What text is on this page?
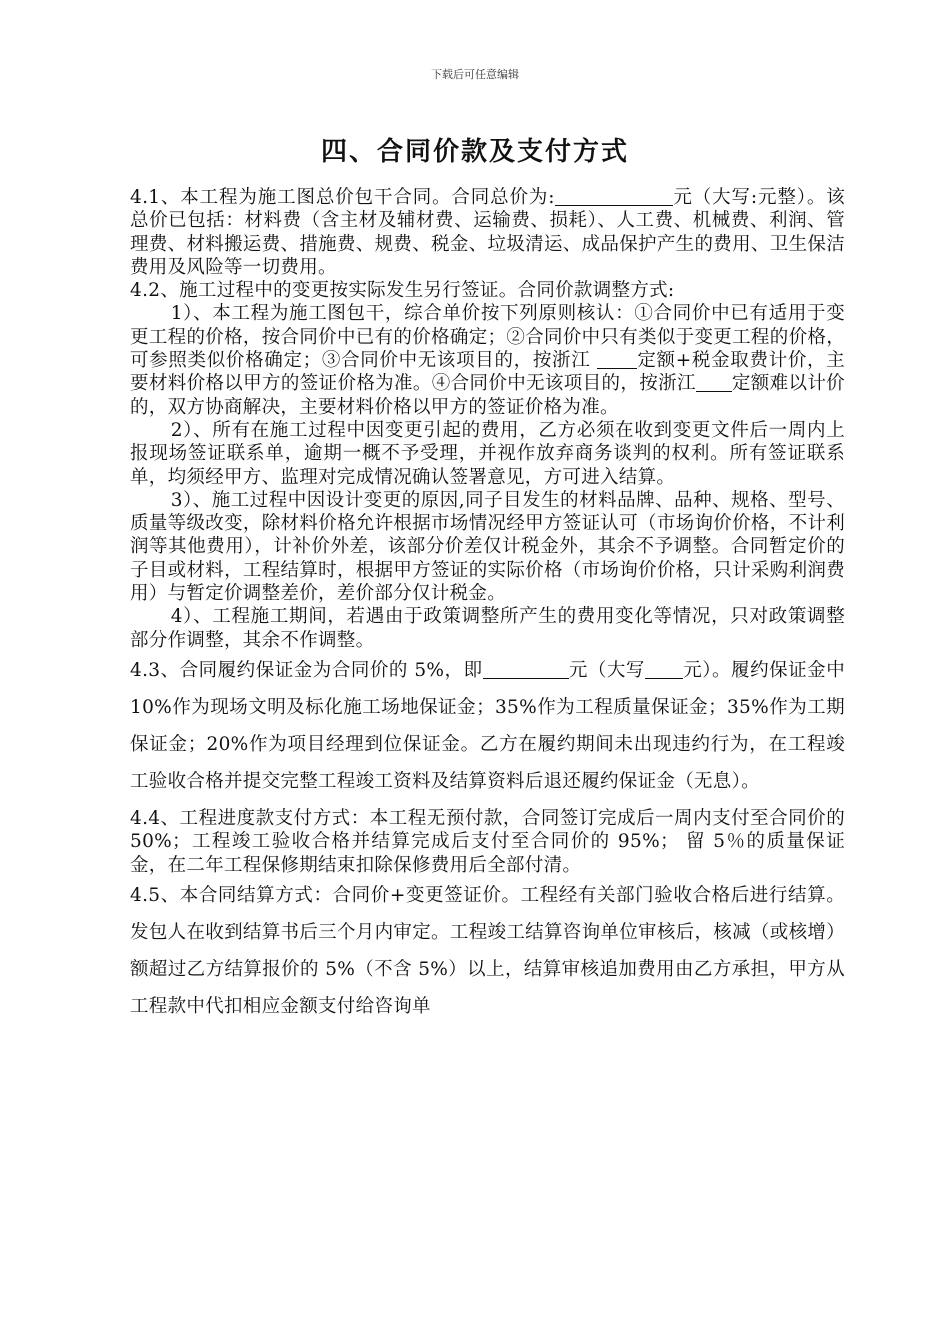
下载后可任意编辑
四、合同价款及支付方式

4.1、本工程为施工图总价包干合同。合同总价为:	元（大写:元整）。该总价已包括：材料费（含主材及辅材费、运输费、损耗）、人工费、机械费、利润、管理费、材料搬运费、措施费、规费、税金、垃圾清运、成品保护产生的费用、卫生保洁费用及风险等一切费用。

4.2、施工过程中的变更按实际发生另行签证。合同价款调整方式:

1）、本工程为施工图包干，综合单价按下列原则核认：①合同价中已有适用于变更工程的价格，按合同价中已有的价格确定；②合同价中只有类似于变更工程的价格，可参照类似价格确定；③合同价中无该项目的，按浙江 定额+税金取费计价，主要材料价格以甲方的签证价格为准。④合同价中无该项目的，按浙江 定额难以计价的，双方协商解决，主要材料价格以甲方的签证价格为准。

2）、所有在施工过程中因变更引起的费用，乙方必须在收到变更文件后一周内上报现场签证联系单，逾期一概不予受理，并视作放弃商务谈判的权利。所有签证联系单，均须经甲方、监理对完成情况确认签署意见，方可进入结算。

3）、施工过程中因设计变更的原因,同子目发生的材料品牌、品种、规格、型号、质量等级改变，除材料价格允许根据市场情况经甲方签证认可（市场询价价格，不计利润等其他费用），计补价外差，该部分价差仅计税金外，其余不予调整。合同暂定价的子目或材料，工程结算时，根据甲方签证的实际价格（市场询价价格，只计采购利润费用）与暂定价调整差价，差价部分仅计税金。

4）、工程施工期间，若遇由于政策调整所产生的费用变化等情况，只对政策调整部分作调整，其余不作调整。

4.3、合同履约保证金为合同价的 5%，即	元（大写 元）。履约保证金中 10%作为现场文明及标化施工场地保证金；35%作为工程质量保证金；35%作为工期保证金；20%作为项目经理到位保证金。乙方在履约期间未出现违约行为，在工程竣工验收合格并提交完整工程竣工资料及结算资料后退还履约保证金（无息）。

4.4、工程进度款支付方式：本工程无预付款，合同签订完成后一周内支付至合同价的 50%；工程竣工验收合格并结算完成后支付至合同价的 95%； 留 5％的质量保证金，在二年工程保修期结束扣除保修费用后全部付清。

4.5、本合同结算方式：合同价+变更签证价。工程经有关部门验收合格后进行结算。发包人在收到结算书后三个月内审定。工程竣工结算咨询单位审核后，核减（或核增）额超过乙方结算报价的 5%（不含 5%）以上，结算审核追加费用由乙方承担，甲方从工程款中代扣相应金额支付给咨询单
